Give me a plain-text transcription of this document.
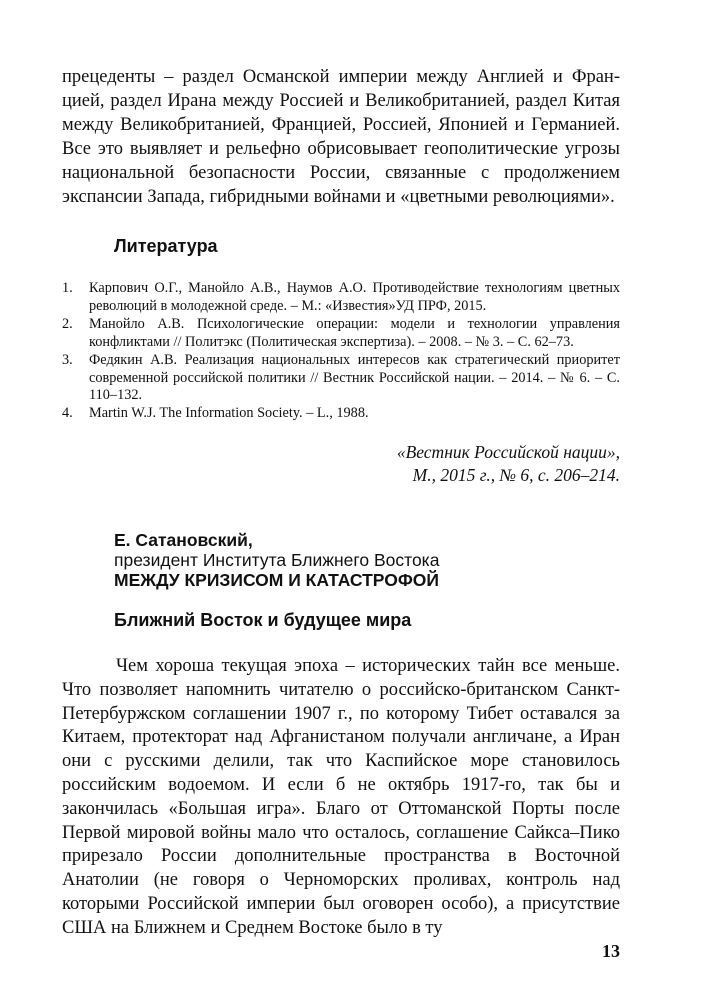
прецеденты – раздел Османской империи между Англией и Францией, раздел Ирана между Россией и Великобританией, раздел Китая между Великобританией, Францией, Россией, Японией и Германией. Все это выявляет и рельефно обрисовывает геополитические угрозы национальной безопасности России, связанные с продолжением экспансии Запада, гибридными войнами и «цветными революциями».

Литература
1. Карпович О.Г., Манойло А.В., Наумов А.О. Противодействие технологиям цветных революций в молодежной среде. – М.: «Известия»УД ПРФ, 2015.
2. Манойло А.В. Психологические операции: модели и технологии управления конфликтами // Политэкс (Политическая экспертиза). – 2008. – № 3. – С. 62–73.
3. Федякин А.В. Реализация национальных интересов как стратегический приоритет современной российской политики // Вестник Российской нации. – 2014. – № 6. – С. 110–132.
4. Martin W.J. The Information Society. – L., 1988.
«Вестник Российской нации»,
М., 2015 г., № 6, с. 206–214.
Е. Сатановский,
президент Института Ближнего Востока
МЕЖДУ КРИЗИСОМ И КАТАСТРОФОЙ
Ближний Восток и будущее мира

Чем хороша текущая эпоха – исторических тайн все меньше. Что позволяет напомнить читателю о российско-британском Санкт-Петербуржском соглашении 1907 г., по которому Тибет оставался за Китаем, протекторат над Афганистаном получали англичане, а Иран они с русскими делили, так что Каспийское море становилось российским водоемом. И если б не октябрь 1917-го, так бы и закончилась «Большая игра». Благо от Оттоманской Порты после Первой мировой войны мало что осталось, соглашение Сайкса–Пико прирезало России дополнительные пространства в Восточной Анатолии (не говоря о Черноморских проливах, контроль над которыми Российской империи был оговорен особо), а присутствие США на Ближнем и Среднем Востоке было в ту

13
